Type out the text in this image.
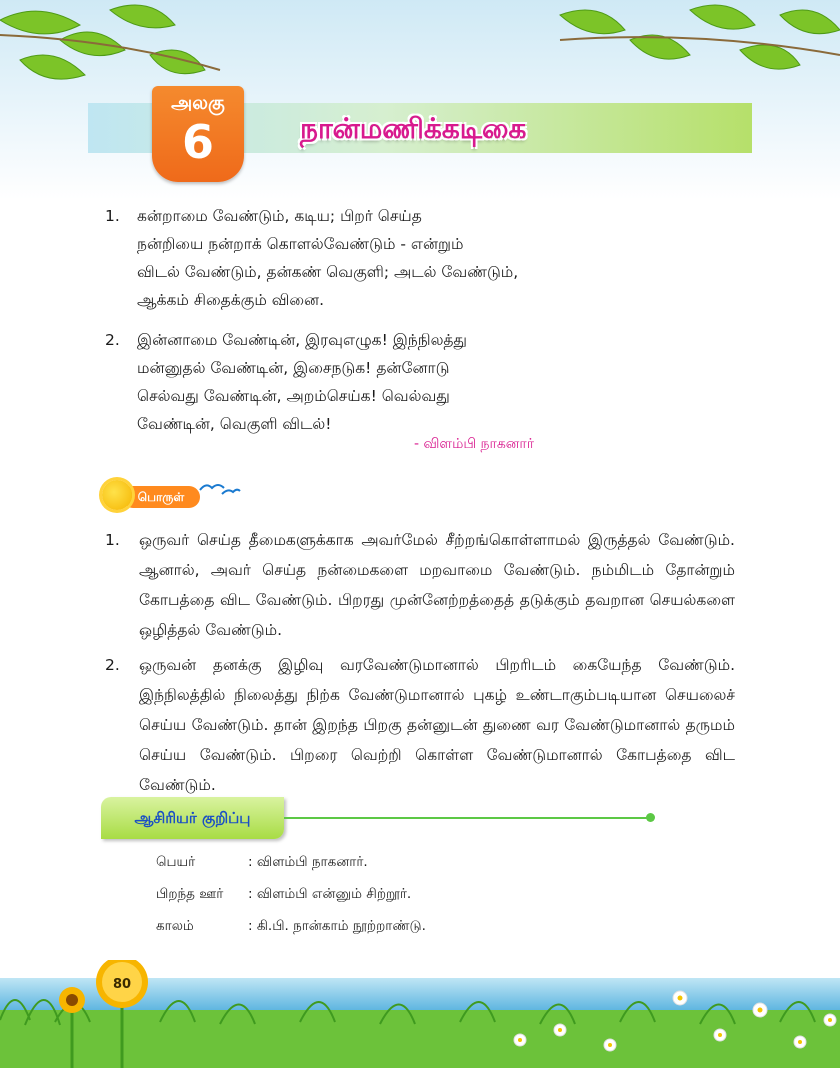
அலகு
6	நான்மணிக்கடிகை
1. கன்றாமை வேண்டும், கடிய; பிறர் செய்த
நன்றியை நன்றாக் கொளல்வேண்டும் - என்றும்
விடல் வேண்டும், தன்கண் வெகுளி; அடல் வேண்டும்,
ஆக்கம் சிதைக்கும் வினை.
2. இன்னாமை வேண்டின், இரவுஎழுக! இந்நிலத்து
மன்னுதல் வேண்டின், இசைநடுக! தன்னோடு
செல்வது வேண்டின், அறம்செய்க! வெல்வது
வேண்டின், வெகுளி விடல்!
- விளம்பி நாகனார்
பொருள்
1. ஒருவர் செய்த தீமைகளுக்காக அவர்மேல் சீற்றங்கொள்ளாமல் இருத்தல் வேண்டும். ஆனால், அவர் செய்த நன்மைகளை மறவாமை வேண்டும். நம்மிடம் தோன்றும் கோபத்தை விட வேண்டும். பிறரது முன்னேற்றத்தைத் தடுக்கும் தவறான செயல்களை ஒழித்தல் வேண்டும்.
2. ஒருவன் தனக்கு இழிவு வரவேண்டுமானால் பிறரிடம் கையேந்த வேண்டும். இந்நிலத்தில் நிலைத்து நிற்க வேண்டுமானால் புகழ் உண்டாகும்படியான செயலைச் செய்ய வேண்டும். தான் இறந்த பிறகு தன்னுடன் துணை வர வேண்டுமானால் தருமம் செய்ய வேண்டும். பிறரை வெற்றி கொள்ள வேண்டுமானால் கோபத்தை விட வேண்டும்.
ஆசிரியர் குறிப்பு
பெயர்	: விளம்பி நாகனார்.
பிறந்த ஊர் : விளம்பி என்னும் சிற்றூர்.
காலம்	: கி.பி. நான்காம் நூற்றாண்டு.
80
